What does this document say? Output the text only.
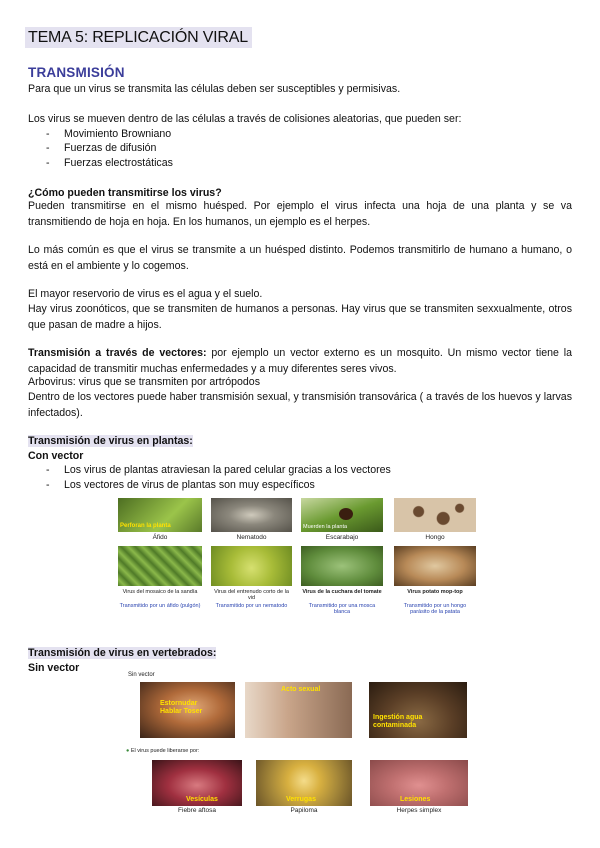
TEMA 5: REPLICACIÓN VIRAL
TRANSMISIÓN
Para que un virus se transmita las células deben ser susceptibles y permisivas.
Los virus se mueven dentro de las células a través de colisiones aleatorias, que pueden ser:
- Movimiento Browniano
- Fuerzas de difusión
- Fuerzas electrostáticas
¿Cómo pueden transmitirse los virus?
Pueden transmitirse en el mismo huésped. Por ejemplo el virus infecta una hoja de una planta y se va transmitiendo de hoja en hoja. En los humanos, un ejemplo es el herpes.
Lo más común es que el virus se transmite a un huésped distinto. Podemos transmitirlo de humano a humano, o está en el ambiente y lo cogemos.
El mayor reservorio de virus es el agua y el suelo.
Hay virus zoonóticos, que se transmiten de humanos a personas. Hay virus que se transmiten sexxualmente, otros que pasan de madre a hijos.
Transmisión a través de vectores: por ejemplo un vector externo es un mosquito. Un mismo vector tiene la capacidad de transmitir muchas enfermedades y a muy diferentes seres vivos.
Arbovirus: virus que se transmiten por artrópodos
Dentro de los vectores puede haber transmisión sexual, y transmisión transovárica ( a través de los huevos y larvas infectados).
Transmisión de virus en plantas:
Con vector
- Los virus de plantas atraviesan la pared celular gracias a los vectores
- Los vectores de virus de plantas son muy específicos
Perforan la planta
Áfido	Nematodo
Muerden la planta
Escarabajo	Hongo
Virus del mosaico de la sandía
Transmitido por un áfido (pulgón)
Virus del entrenudo corto de la vid
Transmitido por un nematodo
Virus de la cuchara del tomate
Transmitido por una mosca blanca
Virus potato mop-top
Transmitido por un hongo parásito de la patata
Transmisión de virus en vertebrados:
Sin vector
Sin vector
Estornudar Hablar Toser
Acto sexual
Ingestión agua contaminada
● El virus puede liberarse por:
Vesículas
Fiebre aftosa
Verrugas
Papiloma
Lesiones
Herpes simplex
